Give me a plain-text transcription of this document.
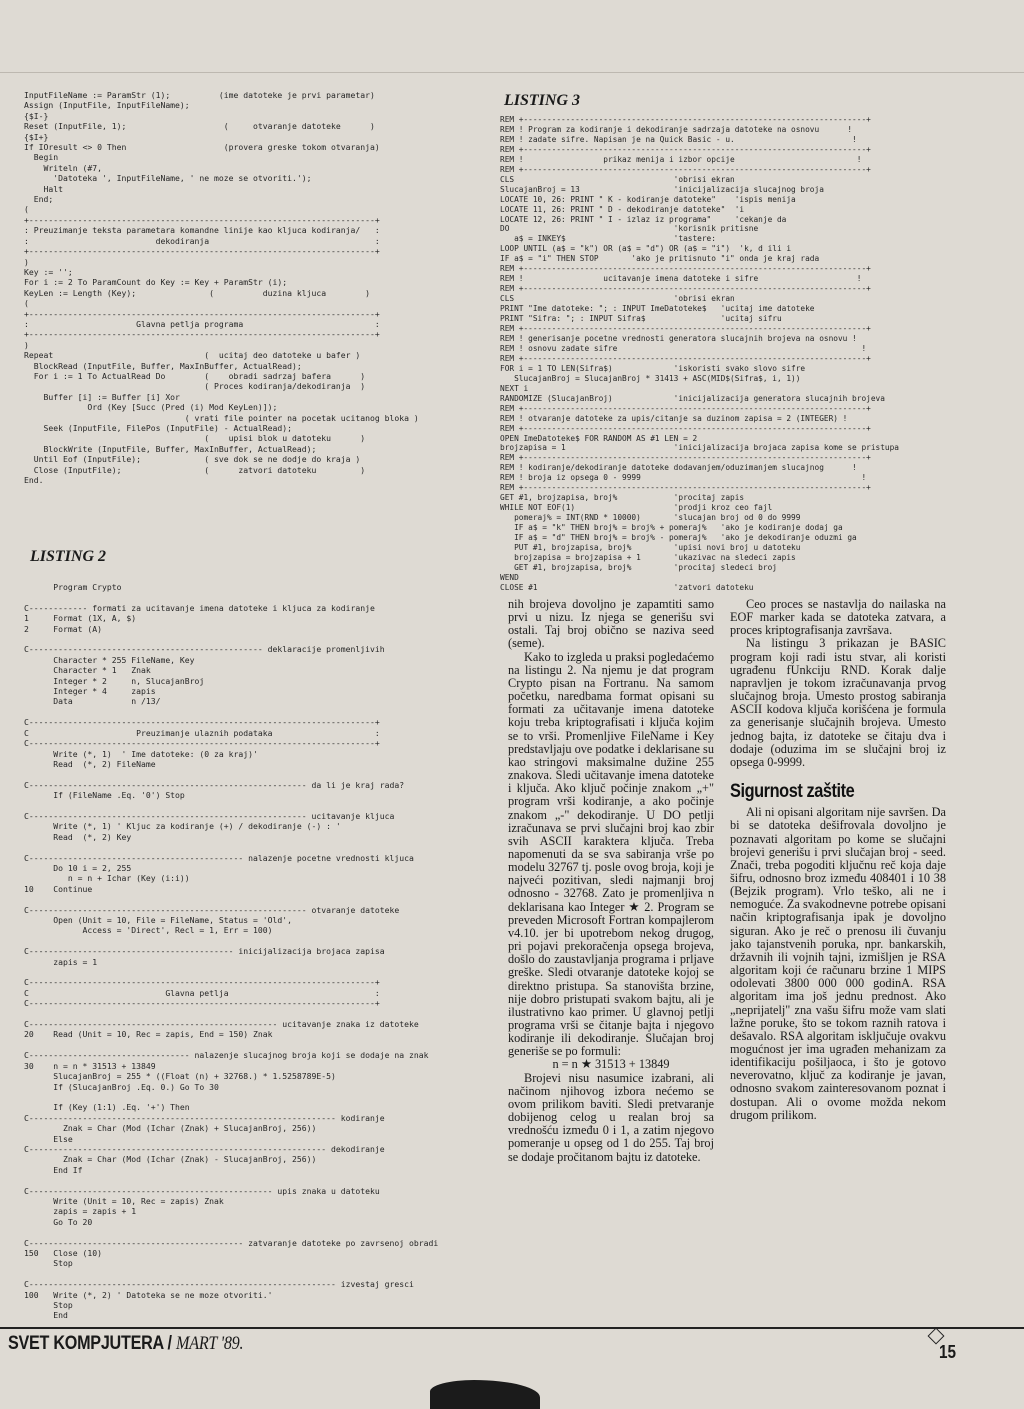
InputFileName := ParamStr (1);          (ime datoteke je prvi parametar)
Assign (InputFile, InputFileName);
{$I-}
Reset (InputFile, 1);                    (     otvaranje datoteke      )
{$I+}
If IOresult <> 0 Then                    (provera greske tokom otvaranja)
Begin
Writeln (#7,
'Datoteka ', InputFileName, ' ne moze se otvoriti.');
Halt
End;
(
+-----------------------------------------------------------------------+
: Preuzimanje teksta parametara komandne linije kao kljuca kodiranja/   :
:                          dekodiranja                                  :
+-----------------------------------------------------------------------+
)
Key := '';
For i := 2 To ParamCount do Key := Key + ParamStr (i);
KeyLen := Length (Key);               (          duzina kljuca        )
(
+-----------------------------------------------------------------------+
:                      Glavna petlja programa                           :
+-----------------------------------------------------------------------+
)
Repeat                               (  ucitaj deo datoteke u bafer )
BlockRead (InputFile, Buffer, MaxInBuffer, ActualRead);
For i := 1 To ActualRead Do        (    obradi sadrzaj bafera      )
( Proces kodiranja/dekodiranja  )
Buffer [i] := Buffer [i] Xor
Ord (Key [Succ (Pred (i) Mod KeyLen)]);
( vrati file pointer na pocetak ucitanog bloka )
Seek (InputFile, FilePos (InputFile) - ActualRead);
(    upisi blok u datoteku      )
BlockWrite (InputFile, Buffer, MaxInBuffer, ActualRead);
Until Eof (InputFile);             ( sve dok se ne dodje do kraja )
Close (InputFile);                 (      zatvori datoteku         )
End.
LISTING 2
Program Crypto

C------------ formati za ucitavanje imena datoteke i kljuca za kodiranje
1     Format (1X, A, $)
2     Format (A)

C------------------------------------------------ deklaracije promenljivih
Character * 255 FileName, Key
Character * 1   Znak
Integer * 2     n, SlucajanBroj
Integer * 4     zapis
Data            n /13/

C-----------------------------------------------------------------------+
C                      Preuzimanje ulaznih podataka                     :
C-----------------------------------------------------------------------+
Write (*, 1)  ' Ime datoteke: (0 za kraj)'
Read  (*, 2) FileName

C--------------------------------------------------------- da li je kraj rada?
If (FileName .Eq. '0') Stop

C--------------------------------------------------------- ucitavanje kljuca
Write (*, 1) ' Kljuc za kodiranje (+) / dekodiranje (-) : '
Read  (*, 2) Key

C-------------------------------------------- nalazenje pocetne vrednosti kljuca
Do 10 i = 2, 255
n = n + Ichar (Key (i:i))
10    Continue

C--------------------------------------------------------- otvaranje datoteke
Open (Unit = 10, File = FileName, Status = 'Old',
Access = 'Direct', Recl = 1, Err = 100)

C------------------------------------------ inicijalizacija brojaca zapisa
zapis = 1

C-----------------------------------------------------------------------+
C                            Glavna petlja                              :
C-----------------------------------------------------------------------+

C--------------------------------------------------- ucitavanje znaka iz datoteke
20    Read (Unit = 10, Rec = zapis, End = 150) Znak

C--------------------------------- nalazenje slucajnog broja koji se dodaje na znak
30    n = n * 31513 + 13849
SlucajanBroj = 255 * ((Float (n) + 32768.) * 1.5258789E-5)
If (SlucajanBroj .Eq. 0.) Go To 30

If (Key (1:1) .Eq. '+') Then
C--------------------------------------------------------------- kodiranje
Znak = Char (Mod (Ichar (Znak) + SlucajanBroj, 256))
Else
C------------------------------------------------------------- dekodiranje
Znak = Char (Mod (Ichar (Znak) - SlucajanBroj, 256))
End If

C-------------------------------------------------- upis znaka u datoteku
Write (Unit = 10, Rec = zapis) Znak
zapis = zapis + 1
Go To 20

C-------------------------------------------- zatvaranje datoteke po zavrsenoj obradi
150   Close (10)
Stop

C--------------------------------------------------------------- izvestaj gresci
100   Write (*, 2) ' Datoteka se ne moze otvoriti.'
Stop
End
LISTING 3
REM +-------------------------------------------------------------------------+
REM ! Program za kodiranje i dekodiranje sadrzaja datoteke na osnovu      !
REM ! zadate sifre. Napisan je na Quick Basic - u.                         !
REM +-------------------------------------------------------------------------+
REM !                 prikaz menija i izbor opcije                          !
REM +-------------------------------------------------------------------------+
CLS                                  'obrisi ekran
SlucajanBroj = 13                    'inicijalizacija slucajnog broja
LOCATE 10, 26: PRINT " K - kodiranje datoteke"    'ispis menija
LOCATE 11, 26: PRINT " D - dekodiranje datoteke"  'i
LOCATE 12, 26: PRINT " I - izlaz iz programa"     'cekanje da
DO                                   'korisnik pritisne
a$ = INKEY$                       'tastere:
LOOP UNTIL (a$ = "k") OR (a$ = "d") OR (a$ = "i")  'k, d ili i
IF a$ = "i" THEN STOP       'ako je pritisnuto "i" onda je kraj rada
REM +-------------------------------------------------------------------------+
REM !                 ucitavanje imena datoteke i sifre                     !
REM +-------------------------------------------------------------------------+
CLS                                  'obrisi ekran
PRINT "Ime datoteke: "; : INPUT ImeDatoteke$   'ucitaj ime datoteke
PRINT "Sifra: "; : INPUT Sifra$                'ucitaj sifru
REM +-------------------------------------------------------------------------+
REM ! generisanje pocetne vrednosti generatora slucajnih brojeva na osnovu !
REM ! osnovu zadate sifre                                                    !
REM +-------------------------------------------------------------------------+
FOR i = 1 TO LEN(Sifra$)             'iskoristi svako slovo sifre
SlucajanBroj = SlucajanBroj * 31413 + ASC(MID$(Sifra$, i, 1))
NEXT i
RANDOMIZE (SlucajanBroj)             'inicijalizacija generatora slucajnih brojeva
REM +-------------------------------------------------------------------------+
REM ! otvaranje datoteke za upis/citanje sa duzinom zapisa = 2 (INTEGER) !
REM +-------------------------------------------------------------------------+
OPEN ImeDatoteke$ FOR RANDOM AS #1 LEN = 2
brojzapisa = 1                       'inicijalizacija brojaca zapisa kome se pristupa
REM +-------------------------------------------------------------------------+
REM ! kodiranje/dekodiranje datoteke dodavanjem/oduzimanjem slucajnog      !
REM ! broja iz opsega 0 - 9999                                               !
REM +-------------------------------------------------------------------------+
GET #1, brojzapisa, broj%            'procitaj zapis
WHILE NOT EOF(1)                     'prodji kroz ceo fajl
pomeraj% = INT(RND * 10000)       'slucajan broj od 0 do 9999
IF a$ = "k" THEN broj% = broj% + pomeraj%   'ako je kodiranje dodaj ga
IF a$ = "d" THEN broj% = broj% - pomeraj%   'ako je dekodiranje oduzmi ga
PUT #1, brojzapisa, broj%         'upisi novi broj u datoteku
brojzapisa = brojzapisa + 1       'ukazivac na sledeci zapis
GET #1, brojzapisa, broj%         'procitaj sledeci broj
WEND
CLOSE #1                             'zatvori datoteku

nih brojeva dovoljno je zapamtiti samo prvi u nizu. Iz njega se generišu svi ostali. Taj broj obično se naziva seed (seme).

Kako to izgleda u praksi pogledaćemo na listingu 2. Na njemu je dat program Crypto pisan na Fortranu. Na samom početku, naredbama format opisani su formati za učitavanje imena datoteke koju treba kriptografisati i ključa kojim se to vrši. Promenljive FileName i Key predstavljaju ove podatke i deklarisane su kao stringovi maksimalne dužine 255 znakova. Sledi učitavanje imena datoteke i ključa. Ako ključ počinje znakom „+" program vrši kodiranje, a ako počinje znakom „-" dekodiranje. U DO petlji izračunava se prvi slučajni broj kao zbir svih ASCII karaktera ključa. Treba napomenuti da se sva sabiranja vrše po modelu 32767 tj. posle ovog broja, koji je najveći pozitivan, sledi najmanji broj odnosno - 32768. Zato je promenljiva n deklarisana kao Integer ★ 2. Program se preveden Microsoft Fortran kompajlerom v4.10. jer bi upotrebom nekog drugog, pri pojavi prekoračenja opsega brojeva, došlo do zaustavljanja programa i prljave greške. Sledi otvaranje datoteke kojoj se direktno pristupa. Sa stanovišta brzine, nije dobro pristupati svakom bajtu, ali je ilustrativno kao primer. U glavnoj petlji programa vrši se čitanje bajta i njegovo kodiranje ili dekodiranje. Slučajan broj generiše se po formuli:

n = n ★ 31513 + 13849

Brojevi nisu nasumice izabrani, ali načinom njihovog izbora nećemo se ovom prilikom baviti. Sledi pretvaranje dobijenog celog u realan broj sa vrednošću između 0 i 1, a zatim njegovo pomeranje u opseg od 1 do 255. Taj broj se dodaje pročitanom bajtu iz datoteke.

Ceo proces se nastavlja do nailaska na EOF marker kada se datoteka zatvara, a proces kriptografisanja završava.

Na listingu 3 prikazan je BASIC program koji radi istu stvar, ali koristi ugrađenu fUnkciju RND. Korak dalje napravljen je tokom izračunavanja prvog slučajnog broja. Umesto prostog sabiranja ASCII kodova ključa korišćena je formula za generisanje slučajnih brojeva. Umesto jednog bajta, iz datoteke se čitaju dva i dodaje (oduzima im se slučajni broj iz opsega 0-9999.

Sigurnost zaštite

Ali ni opisani algoritam nije savršen. Da bi se datoteka dešifrovala dovoljno je poznavati algoritam po kome se slučajni brojevi generišu i prvi slučajan broj - seed. Znači, treba pogoditi ključnu reč koja daje šifru, odnosno broz između 408401 i 10 38 (Bejzik program). Vrlo teško, ali ne i nemoguće. Za svakodnevne potrebe opisani način kriptografisanja ipak je dovoljno siguran. Ako je reč o prenosu ili čuvanju jako tajanstvenih poruka, npr. bankarskih, državnih ili vojnih tajni, izmišljen je RSA algoritam koji će računaru brzine 1 MIPS odolevati 3800 000 000 godinA. RSA algoritam ima još jednu prednost. Ako „neprijatelj" zna vašu šifru može vam slati lažne poruke, što se tokom raznih ratova i dešavalo. RSA algoritam isključuje ovakvu mogućnost jer ima ugrađen mehanizam za identifikaciju pošiljaoca, i što je gotovo neverovatno, ključ za kodiranje je javan, odnosno svakom zainteresovanom poznat i dostupan. Ali o ovome možda nekom drugom prilikom.

SVET KOMPJUTERA / MART '89.	15
